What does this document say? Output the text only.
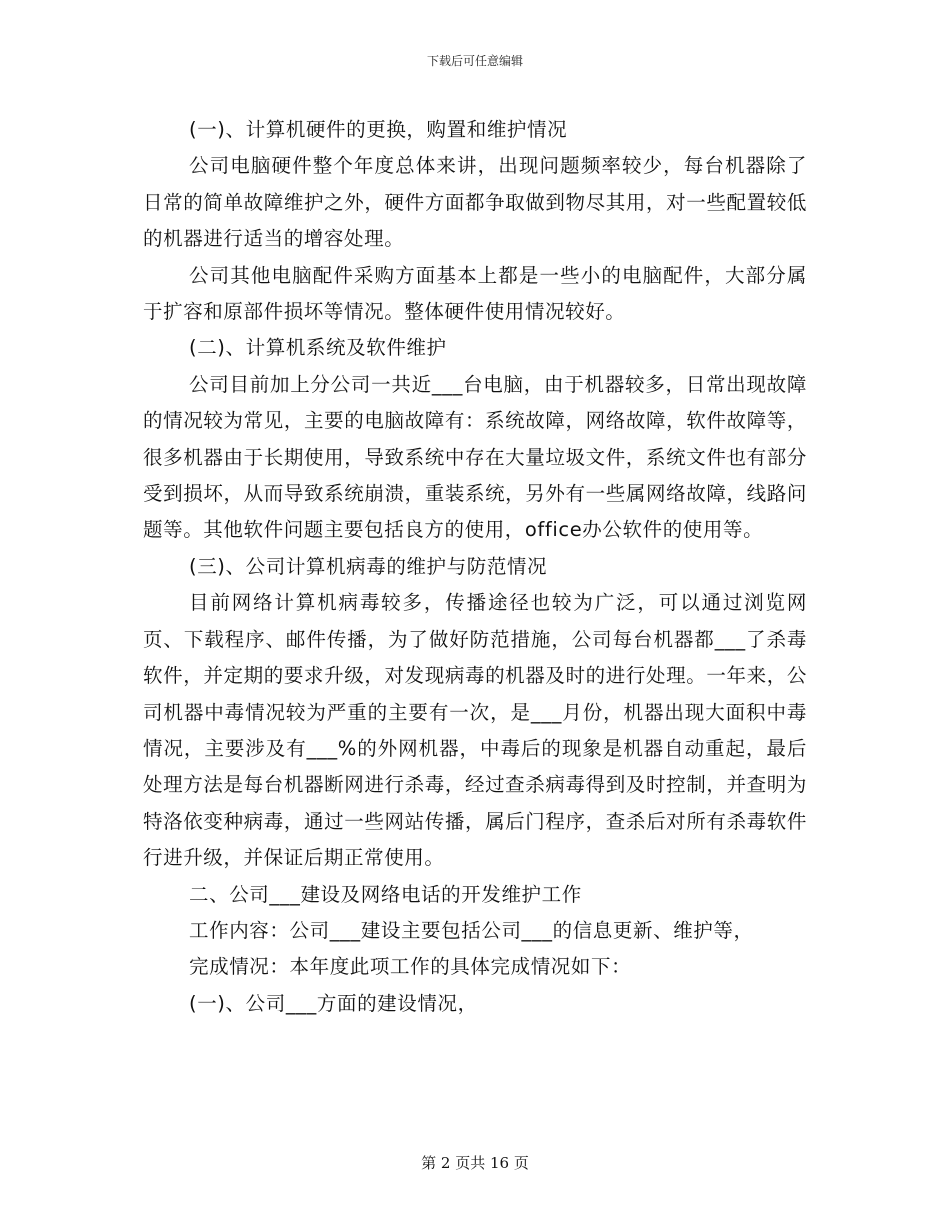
下载后可任意编辑

(一)、计算机硬件的更换，购置和维护情况

公司电脑硬件整个年度总体来讲，出现问题频率较少，每台机器除了日常的简单故障维护之外，硬件方面都争取做到物尽其用，对一些配置较低的机器进行适当的增容处理。

公司其他电脑配件采购方面基本上都是一些小的电脑配件，大部分属于扩容和原部件损坏等情况。整体硬件使用情况较好。

(二)、计算机系统及软件维护

公司目前加上分公司一共近___台电脑，由于机器较多，日常出现故障的情况较为常见，主要的电脑故障有：系统故障，网络故障，软件故障等，很多机器由于长期使用，导致系统中存在大量垃圾文件，系统文件也有部分受到损坏，从而导致系统崩溃，重装系统，另外有一些属网络故障，线路问题等。其他软件问题主要包括良方的使用，office办公软件的使用等。

(三)、公司计算机病毒的维护与防范情况

目前网络计算机病毒较多，传播途径也较为广泛，可以通过浏览网页、下载程序、邮件传播，为了做好防范措施，公司每台机器都___了杀毒软件，并定期的要求升级，对发现病毒的机器及时的进行处理。一年来，公司机器中毒情况较为严重的主要有一次，是___月份，机器出现大面积中毒情况，主要涉及有___%的外网机器，中毒后的现象是机器自动重起，最后处理方法是每台机器断网进行杀毒，经过查杀病毒得到及时控制，并查明为特洛依变种病毒，通过一些网站传播，属后门程序，查杀后对所有杀毒软件行进升级，并保证后期正常使用。

二、公司___建设及网络电话的开发维护工作

工作内容：公司___建设主要包括公司___的信息更新、维护等，

完成情况：本年度此项工作的具体完成情况如下：

(一)、公司___方面的建设情况，

第 2 页共 16 页
